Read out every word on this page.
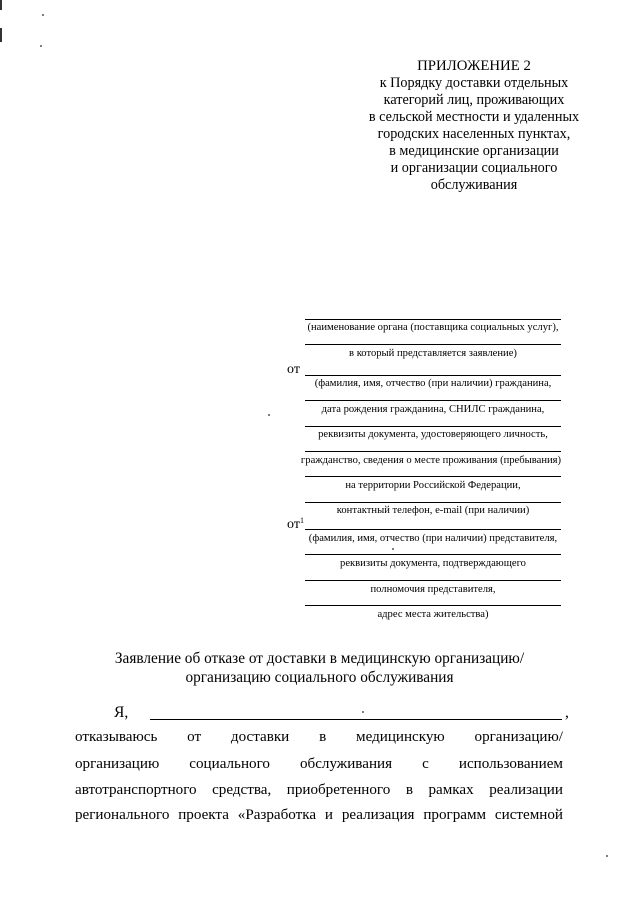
ПРИЛОЖЕНИЕ 2
к Порядку доставки отдельных
категорий лиц, проживающих
в сельской местности и удаленных
городских населенных пунктах,
в медицинские организации
и организации социального
обслуживания
(наименование органа (поставщика социальных услуг),
в который представляется заявление)
от
(фамилия, имя, отчество (при наличии) гражданина,
дата рождения гражданина, СНИЛС гражданина,
реквизиты документа, удостоверяющего личность,
гражданство, сведения о месте проживания (пребывания)
на территории Российской Федерации,
контактный телефон, e-mail (при наличии)
$от^1$
(фамилия, имя, отчество (при наличии) представителя,
реквизиты документа, подтверждающего
полномочия представителя,
адрес места жительства)
Заявление об отказе от доставки в медицинскую организацию/
организацию социального обслуживания
Я,	,
отказываюсь от доставки в медицинскую организацию/
организацию социального обслуживания с использованием
автотранспортного средства, приобретенного в рамках реализации
регионального проекта «Разработка и реализация программ системной
